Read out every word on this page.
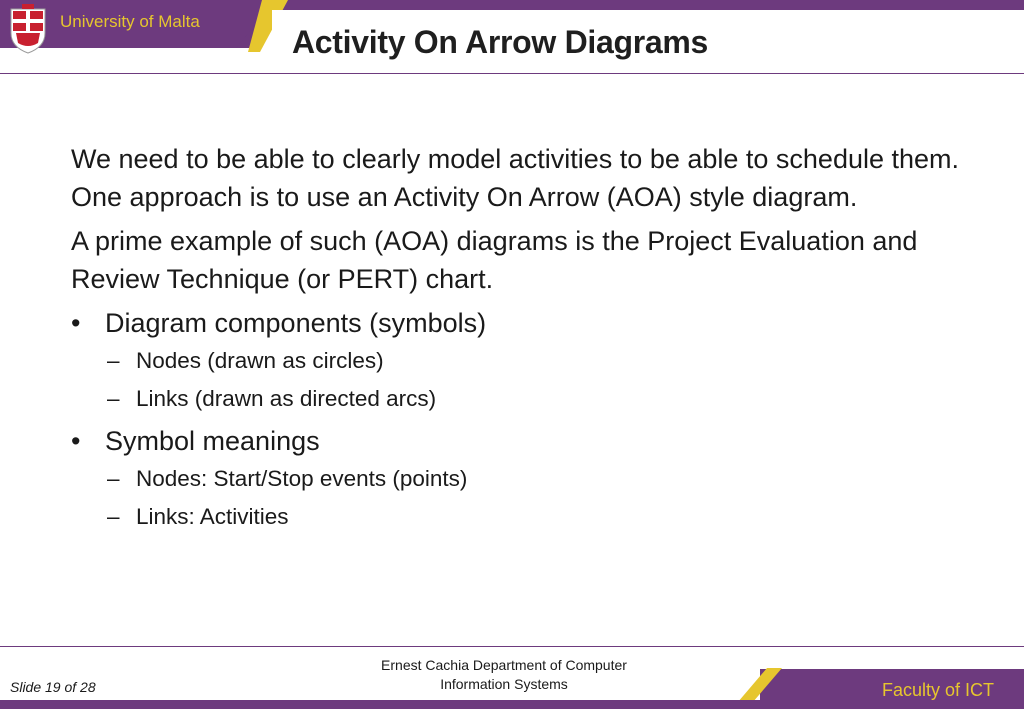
University of Malta
Activity On Arrow Diagrams

We need to be able to clearly model activities to be able to schedule them. One approach is to use an Activity On Arrow (AOA) style diagram.

A prime example of such (AOA) diagrams is the Project Evaluation and Review Technique (or PERT) chart.

• Diagram components (symbols)
– Nodes (drawn as circles)
– Links (drawn as directed arcs)
• Symbol meanings
– Nodes: Start/Stop events (points)
– Links: Activities
Slide 19 of 28
Ernest Cachia Department of Computer
Information Systems	Faculty of ICT
